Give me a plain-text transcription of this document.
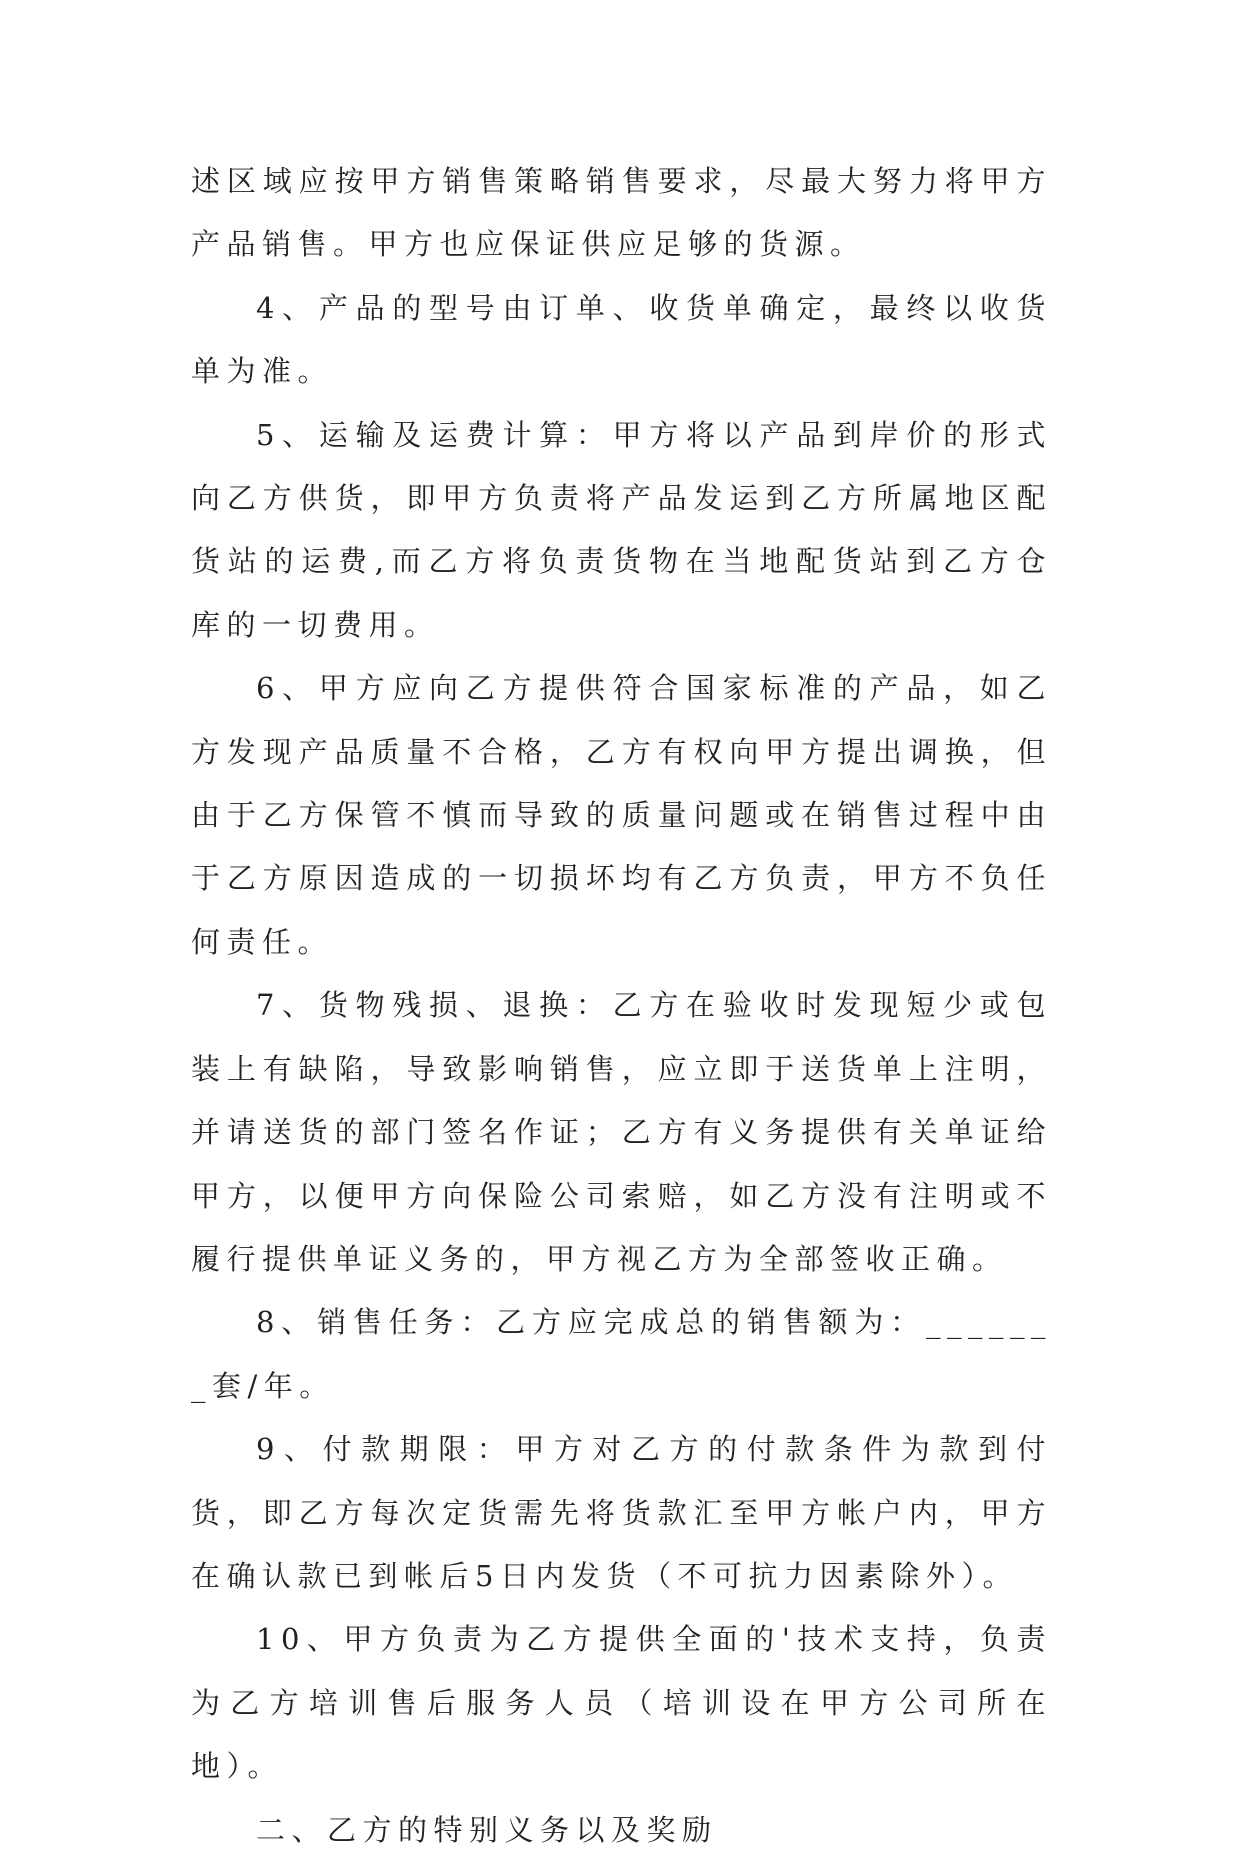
述区域应按甲方销售策略销售要求，尽最大努力将甲方产品销售。甲方也应保证供应足够的货源。

4、产品的型号由订单、收货单确定，最终以收货单为准。

5、运输及运费计算：甲方将以产品到岸价的形式向乙方供货，即甲方负责将产品发运到乙方所属地区配货站的运费,而乙方将负责货物在当地配货站到乙方仓库的一切费用。

6、甲方应向乙方提供符合国家标准的产品，如乙方发现产品质量不合格，乙方有权向甲方提出调换，但由于乙方保管不慎而导致的质量问题或在销售过程中由于乙方原因造成的一切损坏均有乙方负责，甲方不负任何责任。

7、货物残损、退换：乙方在验收时发现短少或包装上有缺陷，导致影响销售，应立即于送货单上注明，并请送货的部门签名作证；乙方有义务提供有关单证给甲方，以便甲方向保险公司索赔，如乙方没有注明或不履行提供单证义务的，甲方视乙方为全部签收正确。

8、销售任务：乙方应完成总的销售额为：_______套/年。

9、付款期限：甲方对乙方的付款条件为款到付货，即乙方每次定货需先将货款汇至甲方帐户内，甲方在确认款已到帐后5日内发货（不可抗力因素除外）。

10、甲方负责为乙方提供全面的'技术支持，负责为乙方培训售后服务人员（培训设在甲方公司所在地）。

二、乙方的特别义务以及奖励
